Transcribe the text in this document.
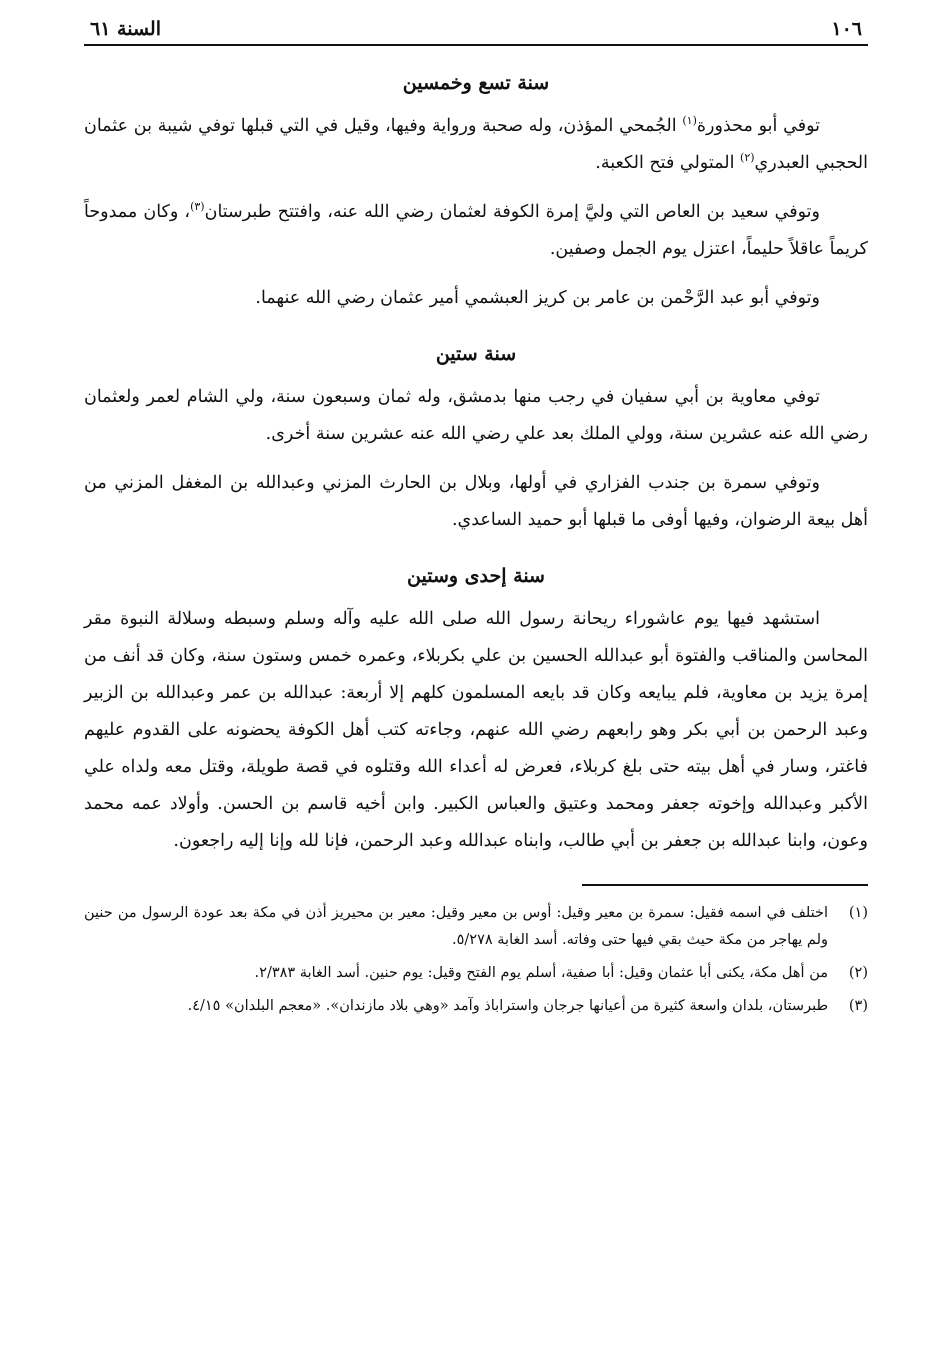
١٠٦
السنة ٦١
سنة تسع وخمسين

توفي أبو محذورة$^{(١)}$ الجُمحي المؤذن، وله صحبة ورواية وفيها، وقيل في التي قبلها توفي شيبة بن عثمان الحجبي العبدري$^{(٢)}$ المتولي فتح الكعبة.

وتوفي سعيد بن العاص التي وليَّ إمرة الكوفة لعثمان رضي الله عنه، وافتتح طبرستان$^{(٣)}$، وكان ممدوحاً كريماً عاقلاً حليماً، اعتزل يوم الجمل وصفين.

وتوفي أبو عبد الرَّحْمن بن عامر بن كريز العبشمي أمير عثمان رضي الله عنهما.

سنة ستين

توفي معاوية بن أبي سفيان في رجب منها بدمشق، وله ثمان وسبعون سنة، ولي الشام لعمر ولعثمان رضي الله عنه عشرين سنة، وولي الملك بعد علي رضي الله عنه عشرين سنة أخرى.

وتوفي سمرة بن جندب الفزاري في أولها، وبلال بن الحارث المزني وعبدالله بن المغفل المزني من أهل بيعة الرضوان، وفيها أوفى ما قبلها أبو حميد الساعدي.

سنة إحدى وستين

استشهد فيها يوم عاشوراء ريحانة رسول الله صلى الله عليه وآله وسلم وسبطه وسلالة النبوة مقر المحاسن والمناقب والفتوة أبو عبدالله الحسين بن علي بكربلاء، وعمره خمس وستون سنة، وكان قد أنف من إمرة يزيد بن معاوية، فلم يبايعه وكان قد بايعه المسلمون كلهم إلا أربعة: عبدالله بن عمر وعبدالله بن الزبير وعبد الرحمن بن أبي بكر وهو رابعهم رضي الله عنهم، وجاءته كتب أهل الكوفة يحضونه على القدوم عليهم فاغتر، وسار في أهل بيته حتى بلغ كربلاء، فعرض له أعداء الله وقتلوه في قصة طويلة، وقتل معه ولداه علي الأكبر وعبدالله وإخوته جعفر ومحمد وعتيق والعباس الكبير. وابن أخيه قاسم بن الحسن. وأولاد عمه محمد وعون، وابنا عبدالله بن جعفر بن أبي طالب، وابناه عبدالله وعبد الرحمن، فإنا لله وإنا إليه راجعون.

(١)
اختلف في اسمه فقيل: سمرة بن معير وقيل: أوس بن معير وقيل: معير بن محيريز أذن في مكة بعد عودة الرسول من حنين ولم يهاجر من مكة حيث بقي فيها حتى وفاته. أسد الغابة ٥/٢٧٨.
(٢)
من أهل مكة، يكنى أبا عثمان وقيل: أبا صفية، أسلم يوم الفتح وقيل: يوم حنين. أسد الغابة ٢/٣٨٣.
(٣)
طبرستان، بلدان واسعة كثيرة من أعيانها جرجان واستراباذ وآمد «وهي بلاد مازندان». «معجم البلدان» ٤/١٥.
